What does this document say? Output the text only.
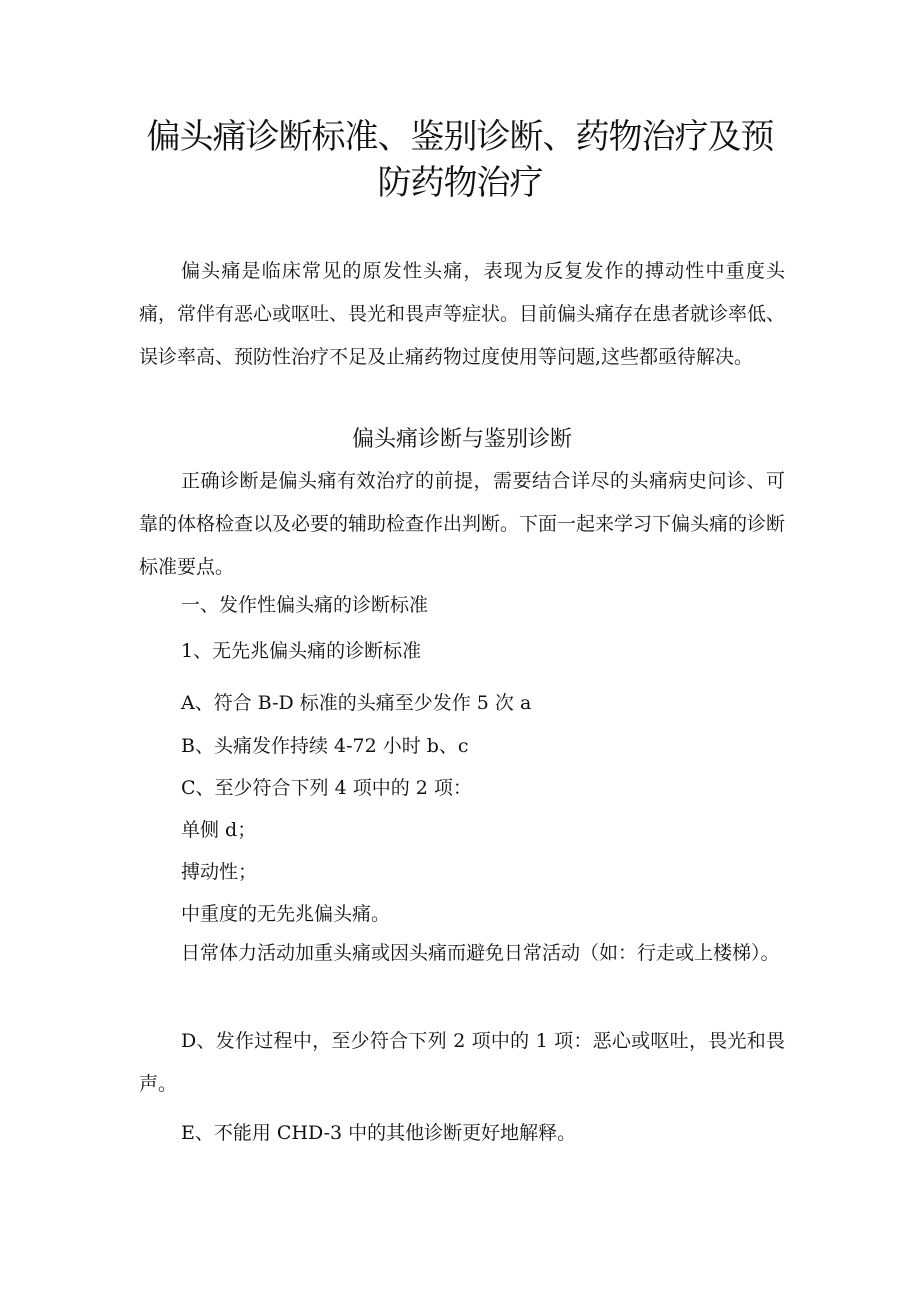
偏头痛诊断标准、鉴别诊断、药物治疗及预
防药物治疗

偏头痛是临床常见的原发性头痛，表现为反复发作的搏动性中重度头痛，常伴有恶心或呕吐、畏光和畏声等症状。目前偏头痛存在患者就诊率低、误诊率高、预防性治疗不足及止痛药物过度使用等问题,这些都亟待解决。

偏头痛诊断与鉴别诊断

正确诊断是偏头痛有效治疗的前提，需要结合详尽的头痛病史问诊、可靠的体格检查以及必要的辅助检查作出判断。下面一起来学习下偏头痛的诊断标准要点。

一、发作性偏头痛的诊断标准

1、无先兆偏头痛的诊断标准

A、符合 B-D 标准的头痛至少发作 5 次 a

B、头痛发作持续 4-72 小时 b、c

C、至少符合下列 4 项中的 2 项：

单侧 d；

搏动性；

中重度的无先兆偏头痛。

日常体力活动加重头痛或因头痛而避免日常活动（如：行走或上楼梯）。

D、发作过程中，至少符合下列 2 项中的 1 项：恶心或呕吐，畏光和畏声。

E、不能用 CHD-3 中的其他诊断更好地解释。
